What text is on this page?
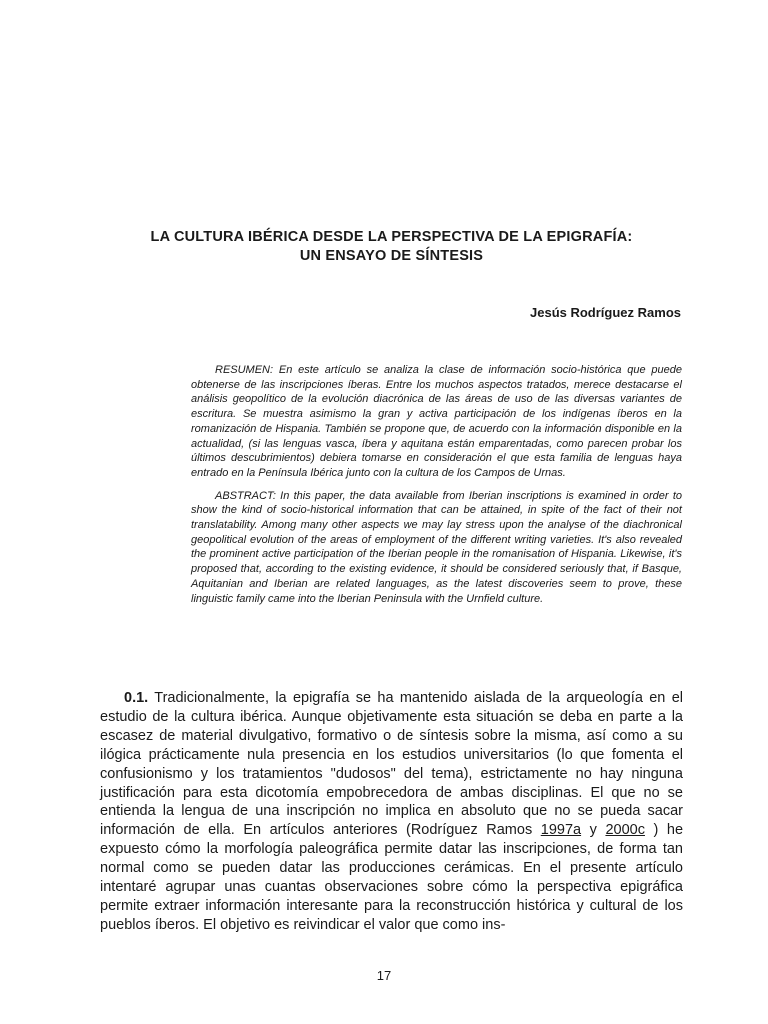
LA CULTURA IBÉRICA DESDE LA PERSPECTIVA DE LA EPIGRAFÍA:
UN ENSAYO DE SÍNTESIS

Jesús Rodríguez Ramos

RESUMEN: En este artículo se analiza la clase de información socio-histórica que puede obtenerse de las inscripciones íberas. Entre los muchos aspectos tratados, merece destacarse el análisis geopolítico de la evolución diacrónica de las áreas de uso de las diversas variantes de escritura. Se muestra asimismo la gran y activa participación de los indígenas íberos en la romanización de Hispania. También se propone que, de acuerdo con la información disponible en la actualidad, (si las lenguas vasca, íbera y aquitana están emparentadas, como parecen probar los últimos descubrimientos) debiera tomarse en consideración el que esta familia de lenguas haya entrado en la Península Ibérica junto con la cultura de los Campos de Urnas.

ABSTRACT: In this paper, the data available from Iberian inscriptions is examined in order to show the kind of socio-historical information that can be attained, in spite of the fact of their not translatability. Among many other aspects we may lay stress upon the analyse of the diachronical geopolitical evolution of the areas of employment of the different writing varieties. It's also revealed the prominent active participation of the Iberian people in the romanisation of Hispania. Likewise, it's proposed that, according to the existing evidence, it should be considered seriously that, if Basque, Aquitanian and Iberian are related languages, as the latest discoveries seem to prove, these linguistic family came into the Iberian Peninsula with the Urnfield culture.

0.1. Tradicionalmente, la epigrafía se ha mantenido aislada de la arqueología en el estudio de la cultura ibérica. Aunque objetivamente esta situación se deba en parte a la escasez de material divulgativo, formativo o de síntesis sobre la misma, así como a su ilógica prácticamente nula presencia en los estudios universitarios (lo que fomenta el confusionismo y los tratamientos "dudosos" del tema), estrictamente no hay ninguna justificación para esta dicotomía empobrecedora de ambas disciplinas. El que no se entienda la lengua de una inscripción no implica en absoluto que no se pueda sacar información de ella. En artículos anteriores (Rodríguez Ramos 1997a y 2000c ) he expuesto cómo la morfología paleográfica permite datar las inscripciones, de forma tan normal como se pueden datar las producciones cerámicas. En el presente artículo intentaré agrupar unas cuantas observaciones sobre cómo la perspectiva epigráfica permite extraer información interesante para la reconstrucción histórica y cultural de los pueblos íberos. El objetivo es reivindicar el valor que como ins-

17
